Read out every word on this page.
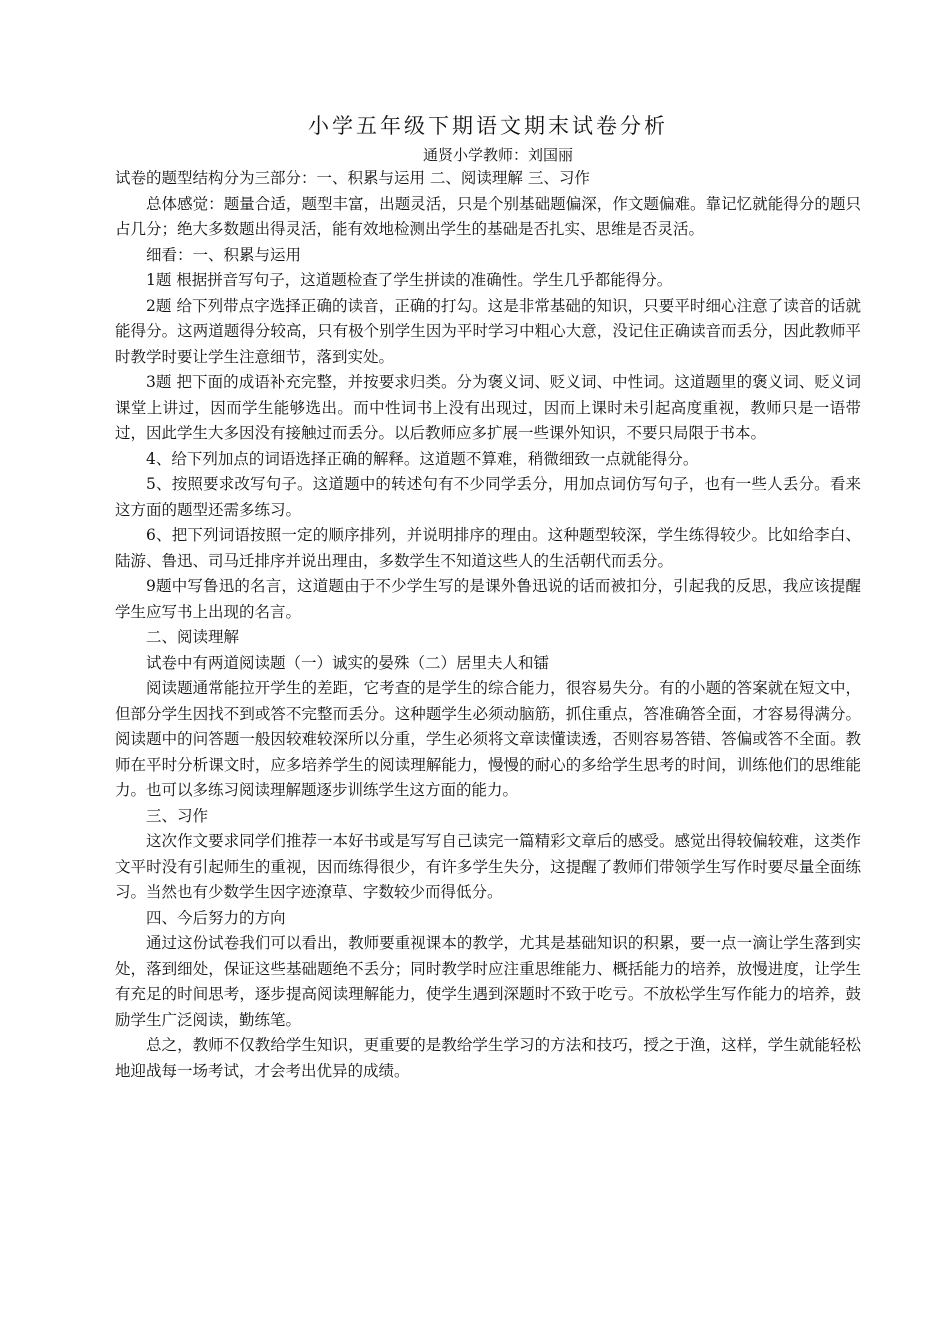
小学五年级下期语文期末试卷分析

通贤小学教师：刘国丽

试卷的题型结构分为三部分：一、积累与运用 二、阅读理解 三、习作

总体感觉：题量合适，题型丰富，出题灵活，只是个别基础题偏深，作文题偏难。靠记忆就能得分的题只占几分；绝大多数题出得灵活，能有效地检测出学生的基础是否扎实、思维是否灵活。

细看：一、积累与运用

1题 根据拼音写句子，这道题检查了学生拼读的准确性。学生几乎都能得分。

2题 给下列带点字选择正确的读音，正确的打勾。这是非常基础的知识，只要平时细心注意了读音的话就能得分。这两道题得分较高，只有极个别学生因为平时学习中粗心大意，没记住正确读音而丢分，因此教师平时教学时要让学生注意细节，落到实处。

3题 把下面的成语补充完整，并按要求归类。分为褒义词、贬义词、中性词。这道题里的褒义词、贬义词课堂上讲过，因而学生能够选出。而中性词书上没有出现过，因而上课时未引起高度重视，教师只是一语带过，因此学生大多因没有接触过而丢分。以后教师应多扩展一些课外知识，不要只局限于书本。

4、给下列加点的词语选择正确的解释。这道题不算难，稍微细致一点就能得分。

5、按照要求改写句子。这道题中的转述句有不少同学丢分，用加点词仿写句子，也有一些人丢分。看来这方面的题型还需多练习。

6、把下列词语按照一定的顺序排列，并说明排序的理由。这种题型较深，学生练得较少。比如给李白、陆游、鲁迅、司马迁排序并说出理由，多数学生不知道这些人的生活朝代而丢分。

9题中写鲁迅的名言，这道题由于不少学生写的是课外鲁迅说的话而被扣分，引起我的反思，我应该提醒学生应写书上出现的名言。

二、阅读理解

试卷中有两道阅读题（一）诚实的晏殊（二）居里夫人和镭

阅读题通常能拉开学生的差距，它考查的是学生的综合能力，很容易失分。有的小题的答案就在短文中，但部分学生因找不到或答不完整而丢分。这种题学生必须动脑筋，抓住重点，答准确答全面，才容易得满分。阅读题中的问答题一般因较难较深所以分重，学生必须将文章读懂读透，否则容易答错、答偏或答不全面。教师在平时分析课文时，应多培养学生的阅读理解能力，慢慢的耐心的多给学生思考的时间，训练他们的思维能力。也可以多练习阅读理解题逐步训练学生这方面的能力。

三、习作

这次作文要求同学们推荐一本好书或是写写自己读完一篇精彩文章后的感受。感觉出得较偏较难，这类作文平时没有引起师生的重视，因而练得很少，有许多学生失分，这提醒了教师们带领学生写作时要尽量全面练习。当然也有少数学生因字迹潦草、字数较少而得低分。

四、今后努力的方向

通过这份试卷我们可以看出，教师要重视课本的教学，尤其是基础知识的积累，要一点一滴让学生落到实处，落到细处，保证这些基础题绝不丢分；同时教学时应注重思维能力、概括能力的培养，放慢进度，让学生有充足的时间思考，逐步提高阅读理解能力，使学生遇到深题时不致于吃亏。不放松学生写作能力的培养，鼓励学生广泛阅读，勤练笔。

总之，教师不仅教给学生知识，更重要的是教给学生学习的方法和技巧，授之于渔，这样，学生就能轻松地迎战每一场考试，才会考出优异的成绩。
